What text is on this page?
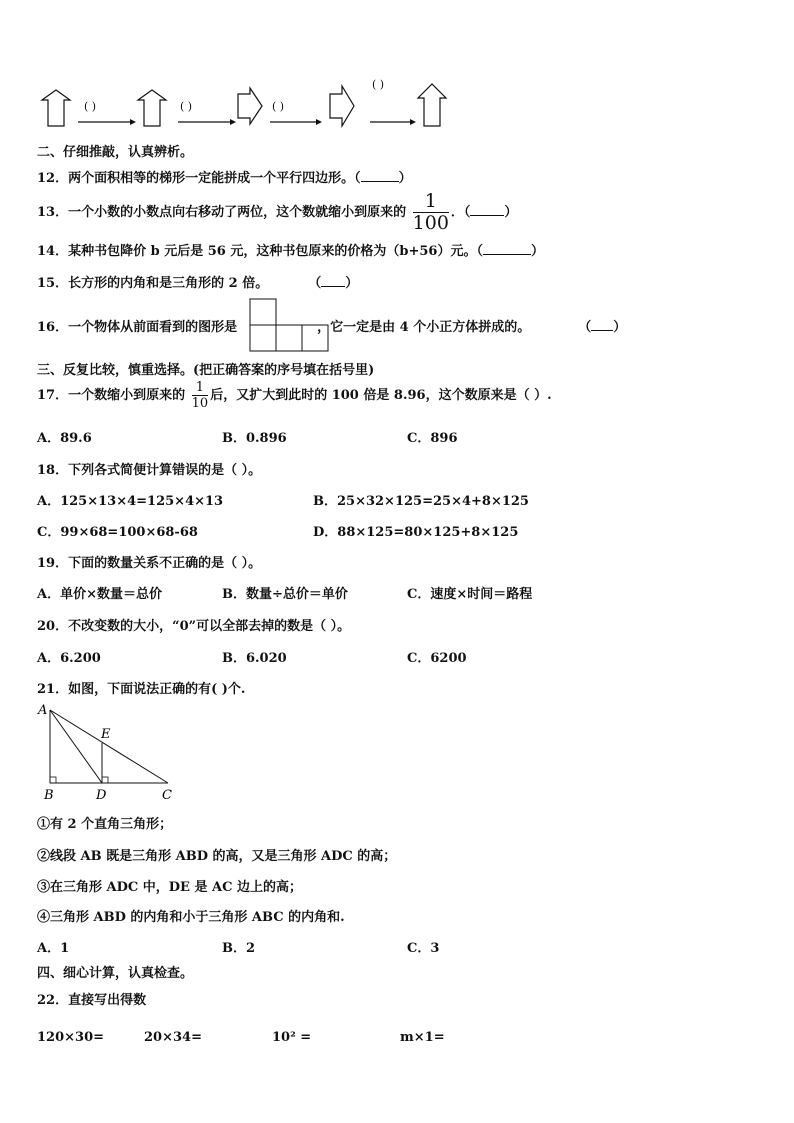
( )	( )	( )
( )
二、仔细推敲，认真辨析。
12．两个面积相等的梯形一定能拼成一个平行四边形。（	）
13．一个小数的小数点向右移动了两位，这个数就缩小到原来的 $\frac{1}{100}$ ．（	）
14．某种书包降价 b 元后是 56 元，这种书包原来的价格为（b+56）元。（	）
15．长方形的内角和是三角形的 2 倍。	（ ）
16．一个物体从前面看到的图形是	，它一定是由 4 个小正方体拼成的。	（ ）
三、反复比较，慎重选择。(把正确答案的序号填在括号里)
17．一个数缩小到原来的 $\frac{1}{10}$ 后，又扩大到此时的 100 倍是 8.96，这个数原来是（ ）.
A．89.6	B．0.896	C．896
18．下列各式简便计算错误的是（ ）。
A．125×13×4=125×4×13	B．25×32×125=25×4+8×125
C．99×68=100×68-68	D．88×125=80×125+8×125
19．下面的数量关系不正确的是（ ）。
A．单价×数量＝总价	B．数量÷总价＝单价	C．速度×时间＝路程
20．不改变数的大小，“0”可以全部去掉的数是（ ）。
A．6.200	B．6.020	C．6200
21．如图，下面说法正确的有( )个.
A
B	D	C
E
①有 2 个直角三角形；
②线段 AB 既是三角形 ABD 的高，又是三角形 ADC 的高；
③在三角形 ADC 中，DE 是 AC 边上的高；
④三角形 ABD 的内角和小于三角形 ABC 的内角和.
A．1	B．2	C．3
四、细心计算，认真检查。
22．直接写出得数
120×30=	20×34=	10² =	m×1=
